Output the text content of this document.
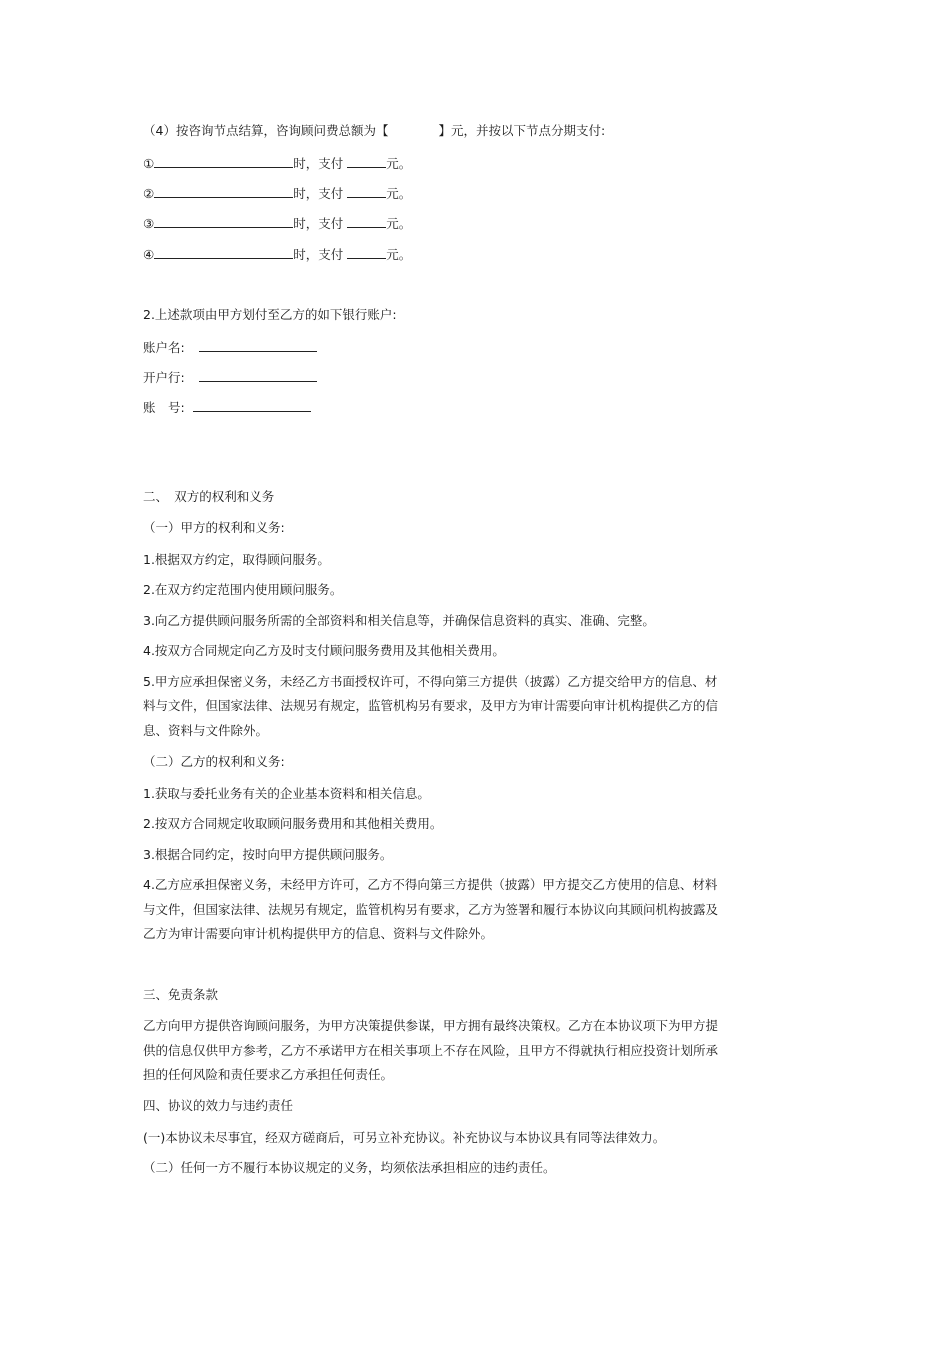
（4）按咨询节点结算，咨询顾问费总额为【	】元，并按以下节点分期支付:
①	时，支付	元。
②	时，支付	元。
③	时，支付	元。
④	时，支付	元。
2.上述款项由甲方划付至乙方的如下银行账户:
账户名:
开户行:
账　号:
二、　双方的权利和义务
（一）甲方的权利和义务:
1.根据双方约定，取得顾问服务。
2.在双方约定范围内使用顾问服务。
3.向乙方提供顾问服务所需的全部资料和相关信息等，并确保信息资料的真实、准确、完整。
4.按双方合同规定向乙方及时支付顾问服务费用及其他相关费用。
5.甲方应承担保密义务，未经乙方书面授权许可，不得向第三方提供（披露）乙方提交给甲方的信息、材
料与文件，但国家法律、法规另有规定，监管机构另有要求，及甲方为审计需要向审计机构提供乙方的信
息、资料与文件除外。
（二）乙方的权利和义务:
1.获取与委托业务有关的企业基本资料和相关信息。
2.按双方合同规定收取顾问服务费用和其他相关费用。
3.根据合同约定，按时向甲方提供顾问服务。
4.乙方应承担保密义务，未经甲方许可，乙方不得向第三方提供（披露）甲方提交乙方使用的信息、材料
与文件，但国家法律、法规另有规定，监管机构另有要求，乙方为签署和履行本协议向其顾问机构披露及
乙方为审计需要向审计机构提供甲方的信息、资料与文件除外。
三、免责条款
乙方向甲方提供咨询顾问服务，为甲方决策提供参谋，甲方拥有最终决策权。乙方在本协议项下为甲方提
供的信息仅供甲方参考，乙方不承诺甲方在相关事项上不存在风险，且甲方不得就执行相应投资计划所承
担的任何风险和责任要求乙方承担任何责任。
四、协议的效力与违约责任
(一)本协议未尽事宜，经双方磋商后，可另立补充协议。补充协议与本协议具有同等法律效力。
（二）任何一方不履行本协议规定的义务，均须依法承担相应的违约责任。
